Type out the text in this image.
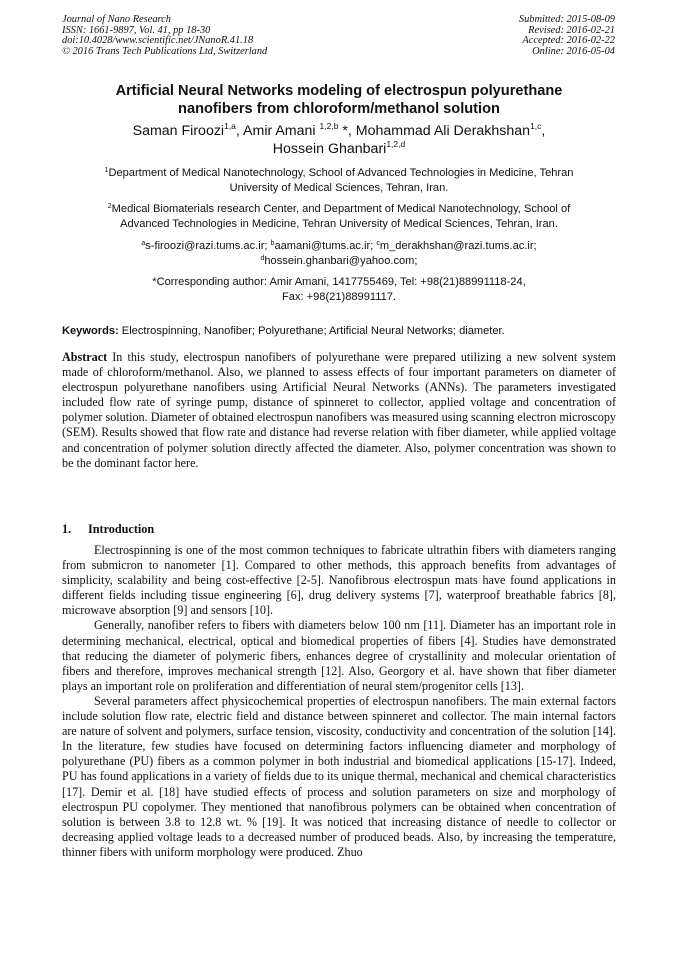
Journal of Nano Research
ISSN: 1661-9897, Vol. 41, pp 18-30
doi:10.4028/www.scientific.net/JNanoR.41.18
© 2016 Trans Tech Publications Ltd, Switzerland
Submitted: 2015-08-09
Revised: 2016-02-21
Accepted: 2016-02-22
Online: 2016-05-04
Artificial Neural Networks modeling of electrospun polyurethane
nanofibers from chloroform/methanol solution
Saman Firoozi$^{1,a}$, Amir Amani $^{1,2,b}$ *, Mohammad Ali Derakhshan$^{1,c}$,
Hossein Ghanbari$^{1,2,d}$
$^1$Department of Medical Nanotechnology, School of Advanced Technologies in Medicine, Tehran
University of Medical Sciences, Tehran, Iran.
$^2$Medical Biomaterials research Center, and Department of Medical Nanotechnology, School of
Advanced Technologies in Medicine, Tehran University of Medical Sciences, Tehran, Iran.
$^a$s-firoozi@razi.tums.ac.ir; $^b$aamani@tums.ac.ir; $^c$m_derakhshan@razi.tums.ac.ir;
$^d$hossein.ghanbari@yahoo.com;
*Corresponding author: Amir Amani, 1417755469, Tel: +98(21)88991118-24,
Fax: +98(21)88991117.
Keywords: Electrospinning, Nanofiber; Polyurethane; Artificial Neural Networks; diameter.
Abstract In this study, electrospun nanofibers of polyurethane were prepared utilizing a new solvent system made of chloroform/methanol. Also, we planned to assess effects of four important parameters on diameter of electrospun polyurethane nanofibers using Artificial Neural Networks (ANNs). The parameters investigated included flow rate of syringe pump, distance of spinneret to collector, applied voltage and concentration of polymer solution. Diameter of obtained electrospun nanofibers was measured using scanning electron microscopy (SEM). Results showed that flow rate and distance had reverse relation with fiber diameter, while applied voltage and concentration of polymer solution directly affected the diameter. Also, polymer concentration was shown to be the dominant factor here.
1. Introduction

Electrospinning is one of the most common techniques to fabricate ultrathin fibers with diameters ranging from submicron to nanometer [1]. Compared to other methods, this approach benefits from advantages of simplicity, scalability and being cost-effective [2-5]. Nanofibrous electrospun mats have found applications in different fields including tissue engineering [6], drug delivery systems [7], waterproof breathable fabrics [8], microwave absorption [9] and sensors [10].

Generally, nanofiber refers to fibers with diameters below 100 nm [11]. Diameter has an important role in determining mechanical, electrical, optical and biomedical properties of fibers [4]. Studies have demonstrated that reducing the diameter of polymeric fibers, enhances degree of crystallinity and molecular orientation of fibers and therefore, improves mechanical strength [12]. Also, Georgory et al. have shown that fiber diameter plays an important role on proliferation and differentiation of neural stem/progenitor cells [13].

Several parameters affect physicochemical properties of electrospun nanofibers. The main external factors include solution flow rate, electric field and distance between spinneret and collector. The main internal factors are nature of solvent and polymers, surface tension, viscosity, conductivity and concentration of the solution [14]. In the literature, few studies have focused on determining factors influencing diameter and morphology of polyurethane (PU) fibers as a common polymer in both industrial and biomedical applications [15-17]. Indeed, PU has found applications in a variety of fields due to its unique thermal, mechanical and chemical characteristics [17]. Demir et al. [18] have studied effects of process and solution parameters on size and morphology of electrospun PU copolymer. They mentioned that nanofibrous polymers can be obtained when concentration of solution is between 3.8 to 12.8 wt. % [19]. It was noticed that increasing distance of needle to collector or decreasing applied voltage leads to a decreased number of produced beads. Also, by increasing the temperature, thinner fibers with uniform morphology were produced. Zhuo
